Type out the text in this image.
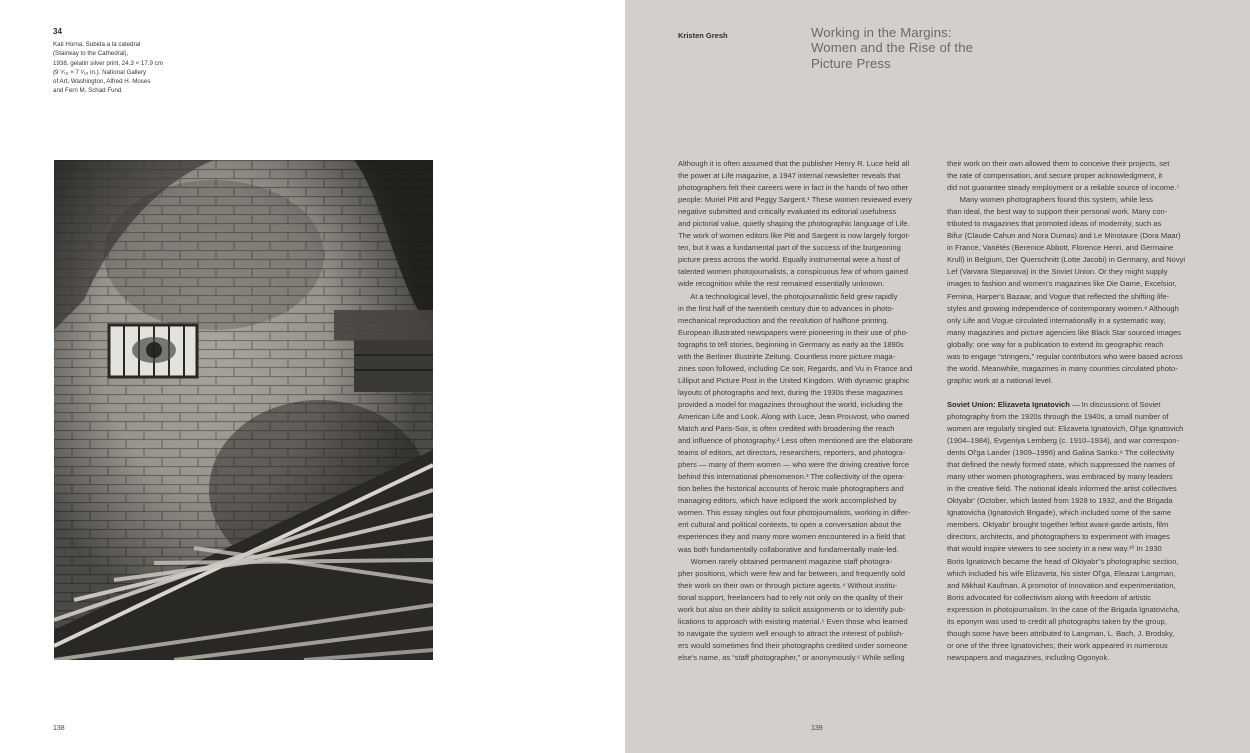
34

Kati Horna, Subida a la catedral

(Stairway to the Cathedral),

1938, gelatin silver print, 24.3 × 17.9 cm

(9 ⁹⁄₁₆ × 7 ¹⁄₁₆ in.). National Gallery

of Art, Washington, Alfred H. Moses

and Fern M. Schad Fund

138
Kristen Gresh	Working in the Margins:
Women and the Rise of the
Picture Press

Although it is often assumed that the publisher Henry R. Luce held all

the power at Life magazine, a 1947 internal newsletter reveals that

photographers felt their careers were in fact in the hands of two other

people: Muriel Pitt and Peggy Sargent.¹ These women reviewed every

negative submitted and critically evaluated its editorial usefulness

and pictorial value, quietly shaping the photographic language of Life.

The work of women editors like Pitt and Sargent is now largely forgot-

ten, but it was a fundamental part of the success of the burgeoning

picture press across the world. Equally instrumental were a host of

talented women photojournalists, a conspicuous few of whom gained

wide recognition while the rest remained essentially unknown.

At a technological level, the photojournalistic field grew rapidly

in the first half of the twentieth century due to advances in photo-

mechanical reproduction and the revolution of halftone printing.

European illustrated newspapers were pioneering in their use of pho-

tographs to tell stories, beginning in Germany as early as the 1890s

with the Berliner Illustrirte Zeitung. Countless more picture maga-

zines soon followed, including Ce soir, Regards, and Vu in France and

Lilliput and Picture Post in the United Kingdom. With dynamic graphic

layouts of photographs and text, during the 1930s these magazines

provided a model for magazines throughout the world, including the

American Life and Look. Along with Luce, Jean Prouvost, who owned

Match and Paris-Soir, is often credited with broadening the reach

and influence of photography.² Less often mentioned are the elaborate

teams of editors, art directors, researchers, reporters, and photogra-

phers — many of them women — who were the driving creative force

behind this international phenomenon.³ The collectivity of the opera-

tion belies the historical accounts of heroic male photographers and

managing editors, which have eclipsed the work accomplished by

women. This essay singles out four photojournalists, working in differ-

ent cultural and political contexts, to open a conversation about the

experiences they and many more women encountered in a field that

was both fundamentally collaborative and fundamentally male-led.

Women rarely obtained permanent magazine staff photogra-

pher positions, which were few and far between, and frequently sold

their work on their own or through picture agents.⁴ Without institu-

tional support, freelancers had to rely not only on the quality of their

work but also on their ability to solicit assignments or to identify pub-

lications to approach with existing material.⁵ Even those who learned

to navigate the system well enough to attract the interest of publish-

ers would sometimes find their photographs credited under someone

else's name, as “staff photographer,” or anonymously.⁶ While selling

their work on their own allowed them to conceive their projects, set

the rate of compensation, and secure proper acknowledgment, it

did not guarantee steady employment or a reliable source of income.⁷

Many women photographers found this system, while less

than ideal, the best way to support their personal work. Many con-

tributed to magazines that promoted ideas of modernity, such as

Bifur (Claude Cahun and Nora Dumas) and Le Minotaure (Dora Maar)

in France, Variétés (Berenice Abbott, Florence Henri, and Germaine

Krull) in Belgium, Der Querschnitt (Lotte Jacobi) in Germany, and Novyi

Lef (Varvara Stepanova) in the Soviet Union. Or they might supply

images to fashion and women's magazines like Die Dame, Excelsior,

Femina, Harper's Bazaar, and Vogue that reflected the shifting life-

styles and growing independence of contemporary women.⁸ Although

only Life and Vogue circulated internationally in a systematic way,

many magazines and picture agencies like Black Star sourced images

globally: one way for a publication to extend its geographic reach

was to engage “stringers,” regular contributors who were based across

the world. Meanwhile, magazines in many countries circulated photo-

graphic work at a national level.

Soviet Union: Elizaveta Ignatovich — In discussions of Soviet

photography from the 1920s through the 1940s, a small number of

women are regularly singled out: Elizaveta Ignatovich, Ol'ga Ignatovich

(1904–1984), Evgeniya Lemberg (c. 1910–1934), and war correspon-

dents Ol'ga Lander (1909–1996) and Galina Sanko.⁹ The collectivity

that defined the newly formed state, which suppressed the names of

many other women photographers, was embraced by many leaders

in the creative field. The national ideals informed the artist collectives

Oktyabr' (October, which lasted from 1928 to 1932, and the Brigada

Ignatovicha (Ignatovich Brigade), which included some of the same

members. Oktyabr' brought together leftist avant-garde artists, film

directors, architects, and photographers to experiment with images

that would inspire viewers to see society in a new way.¹⁰ In 1930

Boris Ignatovich became the head of Oktyabr''s photographic section,

which included his wife Elizaveta, his sister Ol'ga, Eleazar Langman,

and Mikhail Kaufman. A promotor of innovation and experimentation,

Boris advocated for collectivism along with freedom of artistic

expression in photojournalism. In the case of the Brigada Ignatovicha,

its eponym was used to credit all photographs taken by the group,

though some have been attributed to Langman, L. Bach, J. Brodsky,

or one of the three Ignatoviches; their work appeared in numerous

newspapers and magazines, including Ogonyok.

139
